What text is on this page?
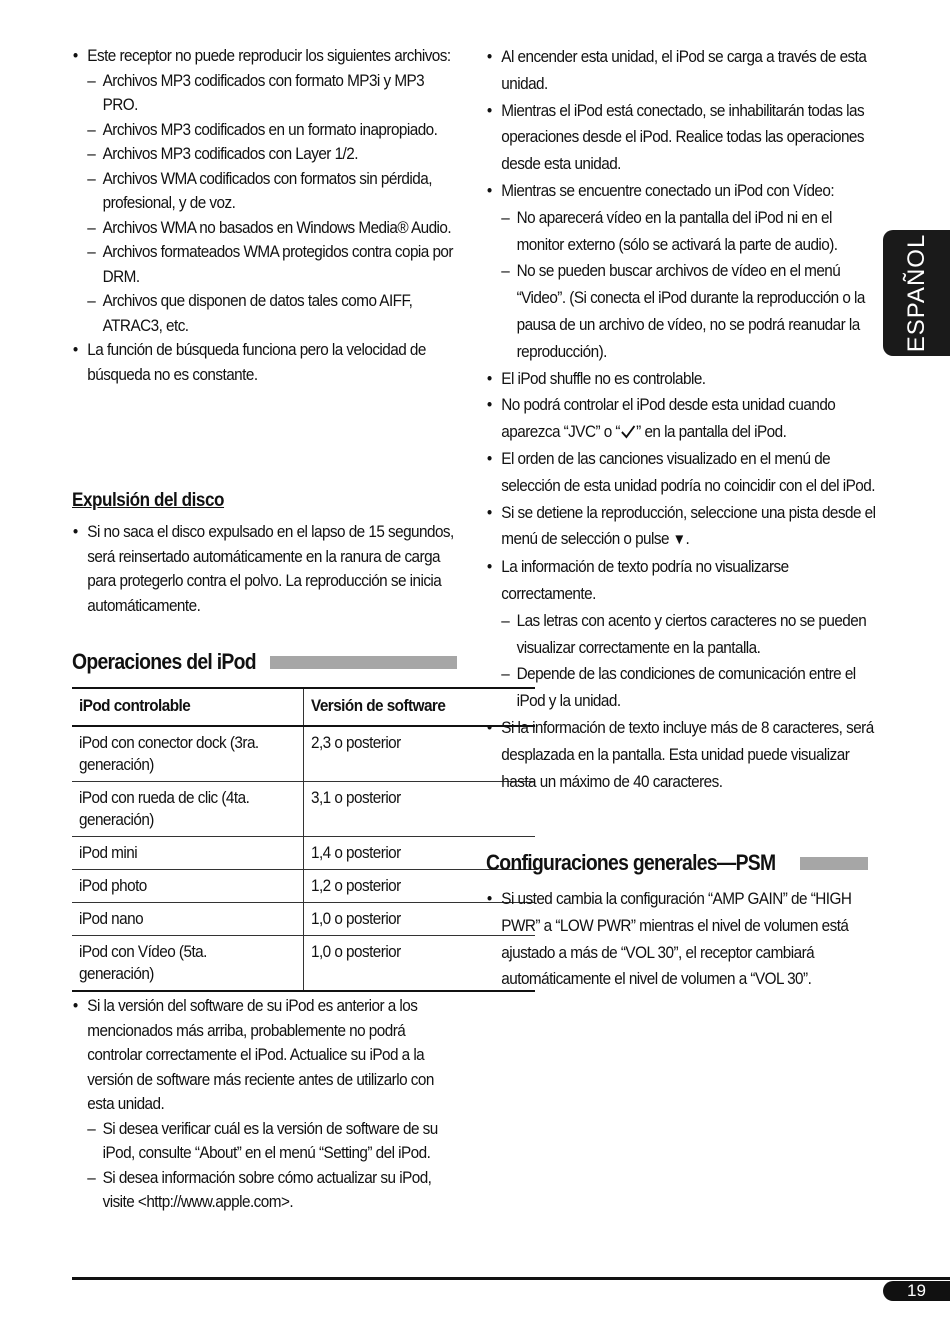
• Este receptor no puede reproducir los siguientes archivos:
– Archivos MP3 codificados con formato MP3i y MP3 PRO.
– Archivos MP3 codificados en un formato inapropiado.
– Archivos MP3 codificados con Layer 1/2.
– Archivos WMA codificados con formatos sin pérdida, profesional, y de voz.
– Archivos WMA no basados en Windows Media® Audio.
– Archivos formateados WMA protegidos contra copia por DRM.
– Archivos que disponen de datos tales como AIFF, ATRAC3, etc.
• La función de búsqueda funciona pero la velocidad de búsqueda no es constante.

Expulsión del disco

• Si no saca el disco expulsado en el lapso de 15 segundos, será reinsertado automáticamente en la ranura de carga para protegerlo contra el polvo. La reproducción se inicia automáticamente.
Operaciones del iPod
iPod controlable	Versión de software

iPod con conector dock (3ra. generación)	2,3 o posterior

iPod con rueda de clic (4ta. generación)	3,1 o posterior

iPod mini	1,4 o posterior

iPod photo	1,2 o posterior

iPod nano	1,0 o posterior

iPod con Vídeo (5ta. generación)	1,0 o posterior
• Si la versión del software de su iPod es anterior a los mencionados más arriba, probablemente no podrá controlar correctamente el iPod. Actualice su iPod a la versión de software más reciente antes de utilizarlo con esta unidad.
– Si desea verificar cuál es la versión de software de su iPod, consulte “About” en el menú “Setting” del iPod.
– Si desea información sobre cómo actualizar su iPod, visite <http://www.apple.com>.
• Al encender esta unidad, el iPod se carga a través de esta unidad.
• Mientras el iPod está conectado, se inhabilitarán todas las operaciones desde el iPod. Realice todas las operaciones desde esta unidad.
• Mientras se encuentre conectado un iPod con Vídeo:
– No aparecerá vídeo en la pantalla del iPod ni en el monitor externo (sólo se activará la parte de audio).
– No se pueden buscar archivos de vídeo en el menú “Video”. (Si conecta el iPod durante la reproducción o la pausa de un archivo de vídeo, no se podrá reanudar la reproducción).
• El iPod shuffle no es controlable.
• No podrá controlar el iPod desde esta unidad cuando aparezca “JVC” o “ ” en la pantalla del iPod.
• El orden de las canciones visualizado en el menú de selección de esta unidad podría no coincidir con el del iPod.
• Si se detiene la reproducción, seleccione una pista desde el menú de selección o pulse ▼.
• La información de texto podría no visualizarse correctamente.
– Las letras con acento y ciertos caracteres no se pueden visualizar correctamente en la pantalla.
– Depende de las condiciones de comunicación entre el iPod y la unidad.
• Si la información de texto incluye más de 8 caracteres, será desplazada en la pantalla. Esta unidad puede visualizar hasta un máximo de 40 caracteres.
Configuraciones generales—PSM
• Si usted cambia la configuración “AMP GAIN” de “HIGH PWR” a “LOW PWR” mientras el nivel de volumen está ajustado a más de “VOL 30”, el receptor cambiará automáticamente el nivel de volumen a “VOL 30”.
ESPAÑOL
19
